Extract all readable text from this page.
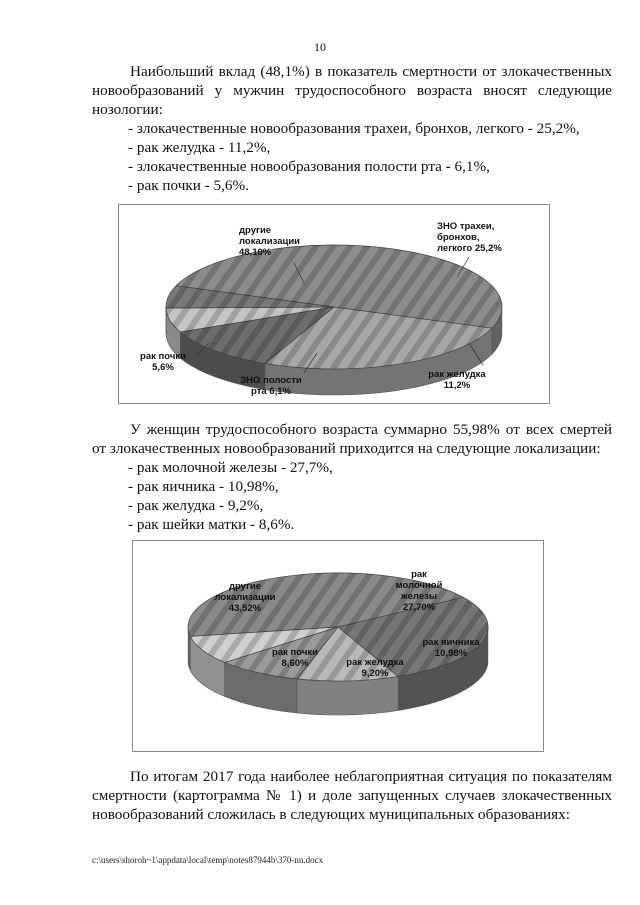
10

Наибольший вклад (48,1%) в показатель смертности от злокачественных новообразований у мужчин трудоспособного возраста вносят следующие нозологии:

- злокачественные новообразования трахеи, бронхов, легкого - 25,2%,
- рак желудка - 11,2%,
- злокачественные новообразования полости рта - 6,1%,
- рак почки - 5,6%.
другие локализации 48,10%
ЗНО трахеи, бронхов, легкого 25,2%
рак желудка 11,2%
ЗНО полости рта 6,1%
рак почки 5,6%

У женщин трудоспособного возраста суммарно 55,98% от всех смертей от злокачественных новообразований приходится на следующие локализации:

- рак молочной железы - 27,7%,
- рак яичника - 10,98%,
- рак желудка - 9,2%,
- рак шейки матки - 8,6%.
другие локализации 43,52%
рак молочной железы 27,70%
рак яичника 10,98%
рак желудка 9,20%
рак почки 8,60%

По итогам 2017 года наиболее неблагоприятная ситуация по показателям смертности (картограмма № 1) и доле запущенных случаев злокачественных новообразований сложилась в следующих муниципальных образованиях:

c:\users\shoroh~1\appdata\local\temp\notes87944b\370-nn.docx
